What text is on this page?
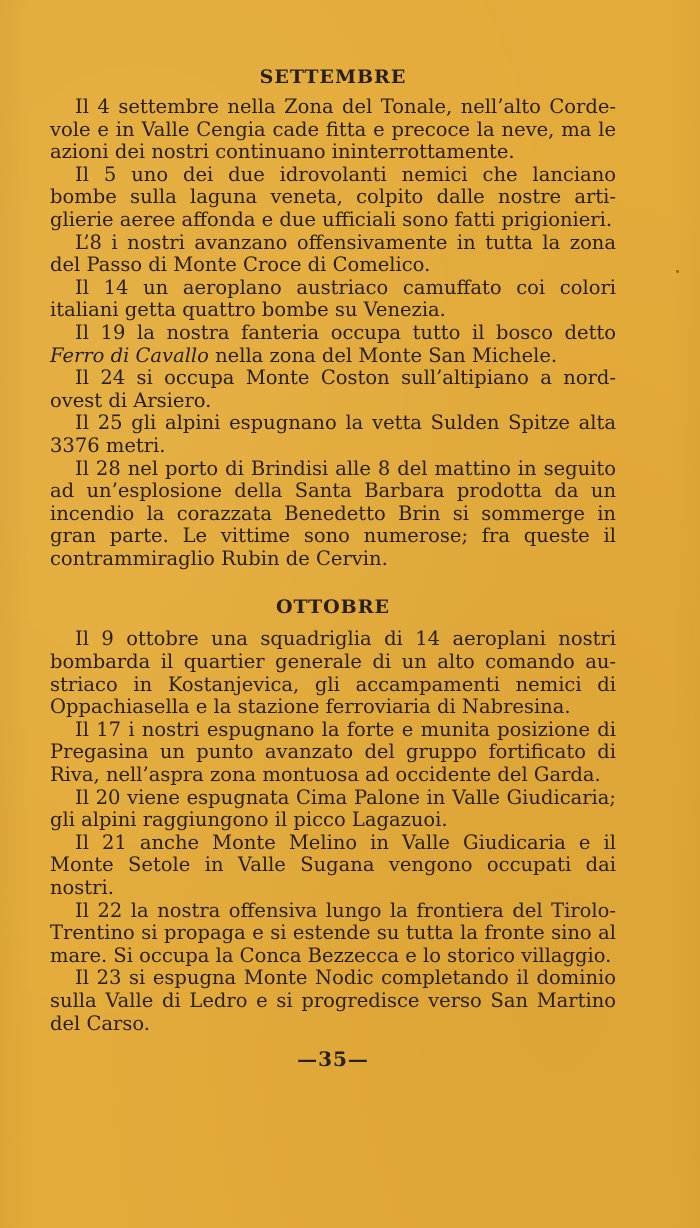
SETTEMBRE

Il 4 settembre nella Zona del Tonale, nell’alto Cordevole e in Valle Cengia cade fitta e precoce la neve, ma le azioni dei nostri continuano ininterrottamente.

Il 5 uno dei due idrovolanti nemici che lanciano bombe sulla laguna veneta, colpito dalle nostre artiglierie aeree affonda e due ufficiali sono fatti prigionieri.

L’8 i nostri avanzano offensivamente in tutta la zona del Passo di Monte Croce di Comelico.

Il 14 un aeroplano austriaco camuffato coi colori italiani getta quattro bombe su Venezia.

Il 19 la nostra fanteria occupa tutto il bosco detto Ferro di Cavallo nella zona del Monte San Michele.

Il 24 si occupa Monte Coston sull’altipiano a nord-ovest di Arsiero.

Il 25 gli alpini espugnano la vetta Sulden Spitze alta 3376 metri.

Il 28 nel porto di Brindisi alle 8 del mattino in seguito ad un’esplosione della Santa Barbara prodotta da un incendio la corazzata Benedetto Brin si sommerge in gran parte. Le vittime sono numerose; fra queste il contrammiraglio Rubin de Cervin.

OTTOBRE

Il 9 ottobre una squadriglia di 14 aeroplani nostri bombarda il quartier generale di un alto comando austriaco in Kostanjevica, gli accampamenti nemici di Oppachiasella e la stazione ferroviaria di Nabresina.

Il 17 i nostri espugnano la forte e munita posizione di Pregasina un punto avanzato del gruppo fortificato di Riva, nell’aspra zona montuosa ad occidente del Garda.

Il 20 viene espugnata Cima Palone in Valle Giudicaria; gli alpini raggiungono il picco Lagazuoi.

Il 21 anche Monte Melino in Valle Giudicaria e il Monte Setole in Valle Sugana vengono occupati dai nostri.

Il 22 la nostra offensiva lungo la frontiera del Tirolo-Trentino si propaga e si estende su tutta la fronte sino al mare. Si occupa la Conca Bezzecca e lo storico villaggio.

Il 23 si espugna Monte Nodic completando il dominio sulla Valle di Ledro e si progredisce verso San Martino del Carso.

—35—
